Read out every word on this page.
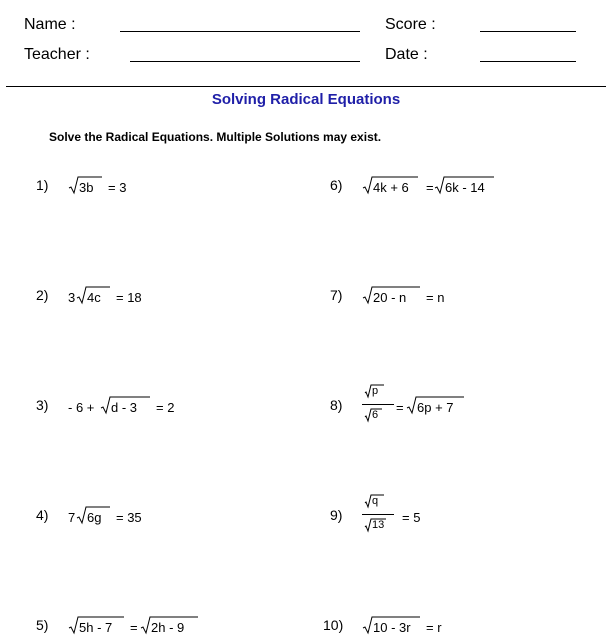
Name :	Score :
Teacher :	Date :
Solving Radical Equations
Solve the Radical Equations. Multiple Solutions may exist.
1) 3b = 3
2) 3 4c = 18
3) - 6 + d - 3 = 2
4) 7 6g = 35
5) 5h - 7 = 2h - 9
6) 4k + 6 = 6k - 14
7) 20 - n = n
8)
p
6 = 6p + 7
9)
q
13 = 5
10) 10 - 3r = r
